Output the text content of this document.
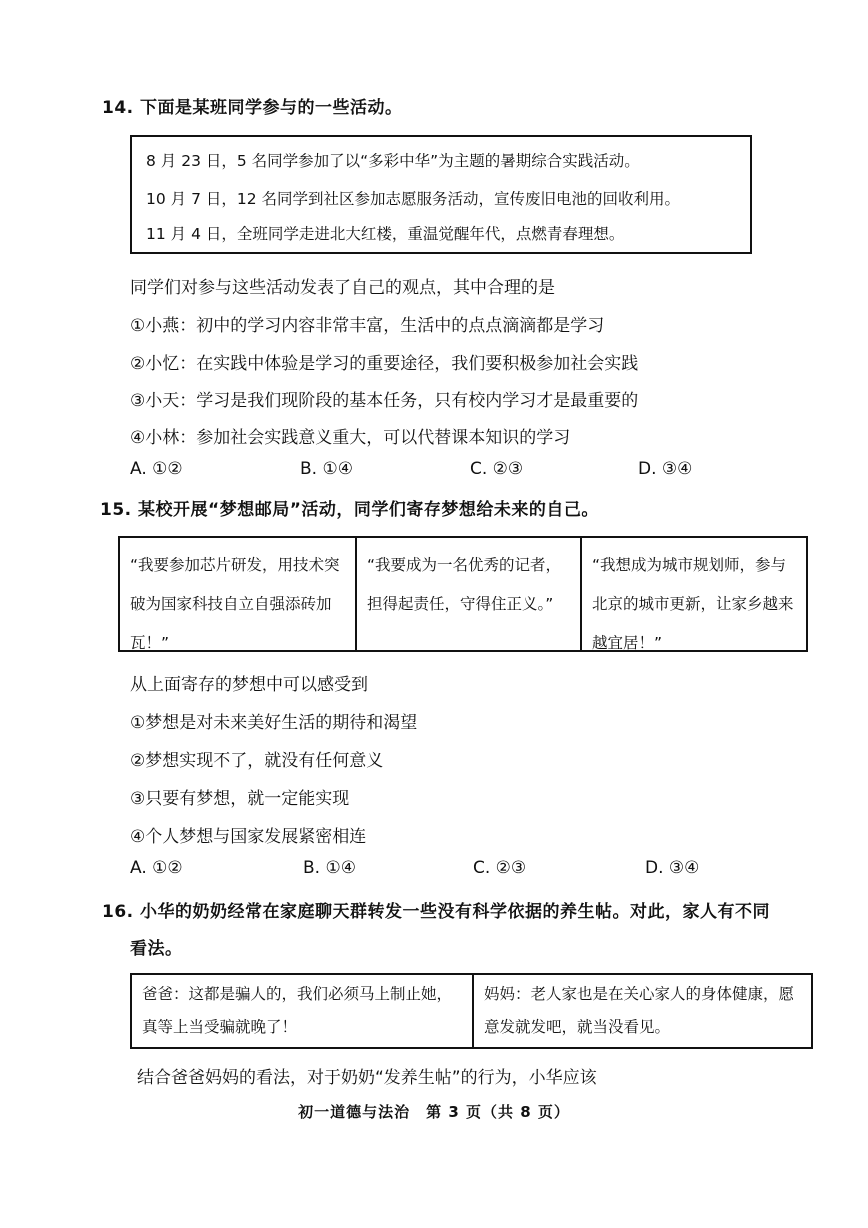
14. 下面是某班同学参与的一些活动。
8 月 23 日，5 名同学参加了以“多彩中华”为主题的暑期综合实践活动。
10 月 7 日，12 名同学到社区参加志愿服务活动，宣传废旧电池的回收利用。
11 月 4 日，全班同学走进北大红楼，重温觉醒年代，点燃青春理想。
同学们对参与这些活动发表了自己的观点，其中合理的是
①小燕：初中的学习内容非常丰富，生活中的点点滴滴都是学习
②小忆：在实践中体验是学习的重要途径，我们要积极参加社会实践
③小天：学习是我们现阶段的基本任务，只有校内学习才是最重要的
④小林：参加社会实践意义重大，可以代替课本知识的学习
A. ①②	B. ①④	C. ②③	D. ③④
15. 某校开展“梦想邮局”活动，同学们寄存梦想给未来的自己。
“我要参加芯片研发，用技术突破为国家科技自立自强添砖加瓦！”
“我要成为一名优秀的记者，担得起责任，守得住正义。”
“我想成为城市规划师，参与北京的城市更新，让家乡越来越宜居！”
从上面寄存的梦想中可以感受到
①梦想是对未来美好生活的期待和渴望
②梦想实现不了，就没有任何意义
③只要有梦想，就一定能实现
④个人梦想与国家发展紧密相连
A. ①②	B. ①④	C. ②③	D. ③④
16. 小华的奶奶经常在家庭聊天群转发一些没有科学依据的养生帖。对此，家人有不同
看法。
爸爸：这都是骗人的，我们必须马上制止她，真等上当受骗就晚了！
妈妈：老人家也是在关心家人的身体健康，愿意发就发吧，就当没看见。
结合爸爸妈妈的看法，对于奶奶“发养生帖”的行为，小华应该
初一道德与法治　第 3 页（共 8 页）
